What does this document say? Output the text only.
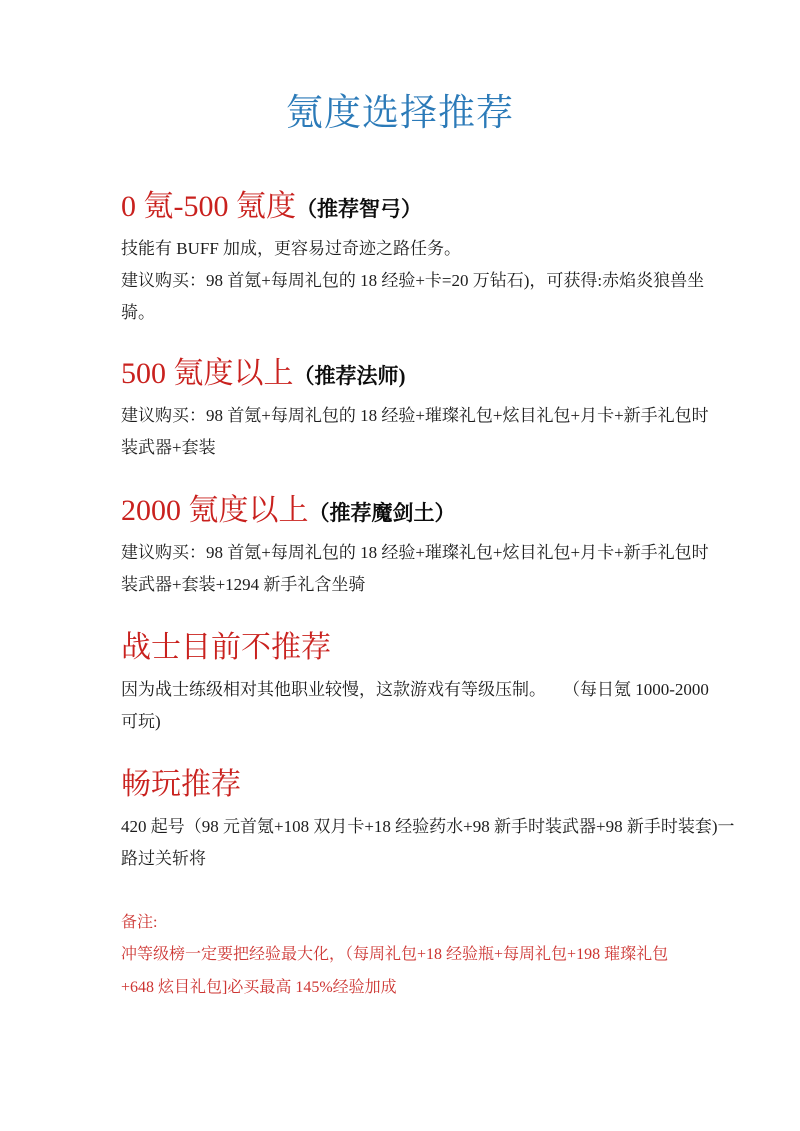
氪度选择推荐
0 氪-500 氪度（推荐智弓）
技能有 BUFF 加成，更容易过奇迹之路任务。
建议购买：98 首氪+每周礼包的 18 经验+卡=20 万钻石)，可获得:赤焰炎狼兽坐
骑。
500 氪度以上（推荐法师)
建议购买：98 首氪+每周礼包的 18 经验+璀璨礼包+炫目礼包+月卡+新手礼包时
装武器+套装
2000 氪度以上（推荐魔剑土）
建议购买：98 首氪+每周礼包的 18 经验+璀璨礼包+炫目礼包+月卡+新手礼包时
装武器+套装+1294 新手礼含坐骑
战士目前不推荐
因为战士练级相对其他职业较慢，这款游戏有等级压制。　　（每日氪 1000-2000
可玩)
畅玩推荐
420 起号（98 元首氪+108 双月卡+18 经验药水+98 新手时装武器+98 新手时装套)一
路过关斩将
备注:
冲等级榜一定要把经验最大化，（每周礼包+18 经验瓶+每周礼包+198 璀璨礼包
+648 炫目礼包]必买最高 145%经验加成
